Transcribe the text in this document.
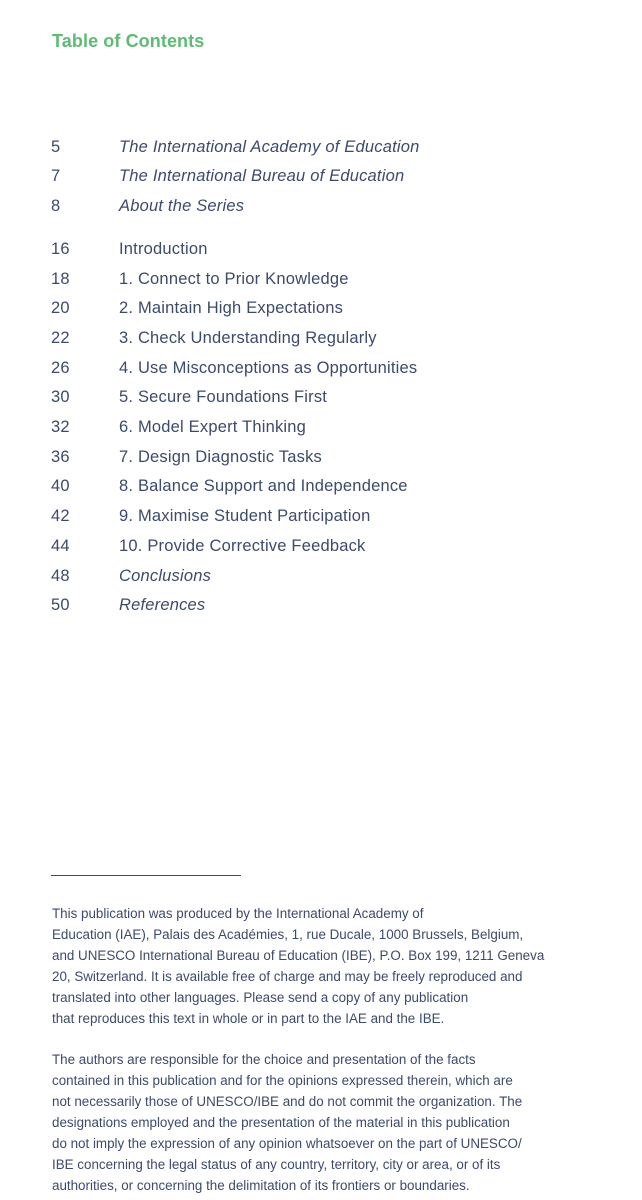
Table of Contents
5	The International Academy of Education
7	The International Bureau of Education
8	About the Series
16	Introduction
18	1. Connect to Prior Knowledge
20	2. Maintain High Expectations
22	3. Check Understanding Regularly
26	4. Use Misconceptions as Opportunities
30	5. Secure Foundations First
32	6. Model Expert Thinking
36	7. Design Diagnostic Tasks
40	8. Balance Support and Independence
42	9. Maximise Student Participation
44	10. Provide Corrective Feedback
48	Conclusions
50	References

This publication was produced by the International Academy of
Education (IAE), Palais des Académies, 1, rue Ducale, 1000 Brussels, Belgium,
and UNESCO International Bureau of Education (IBE), P.O. Box 199, 1211 Geneva
20, Switzerland. It is available free of charge and may be freely reproduced and
translated into other languages. Please send a copy of any publication
that reproduces this text in whole or in part to the IAE and the IBE.

The authors are responsible for the choice and presentation of the facts
contained in this publication and for the opinions expressed therein, which are
not necessarily those of UNESCO/IBE and do not commit the organization. The
designations employed and the presentation of the material in this publication
do not imply the expression of any opinion whatsoever on the part of UNESCO/
IBE concerning the legal status of any country, territory, city or area, or of its
authorities, or concerning the delimitation of its frontiers or boundaries.
